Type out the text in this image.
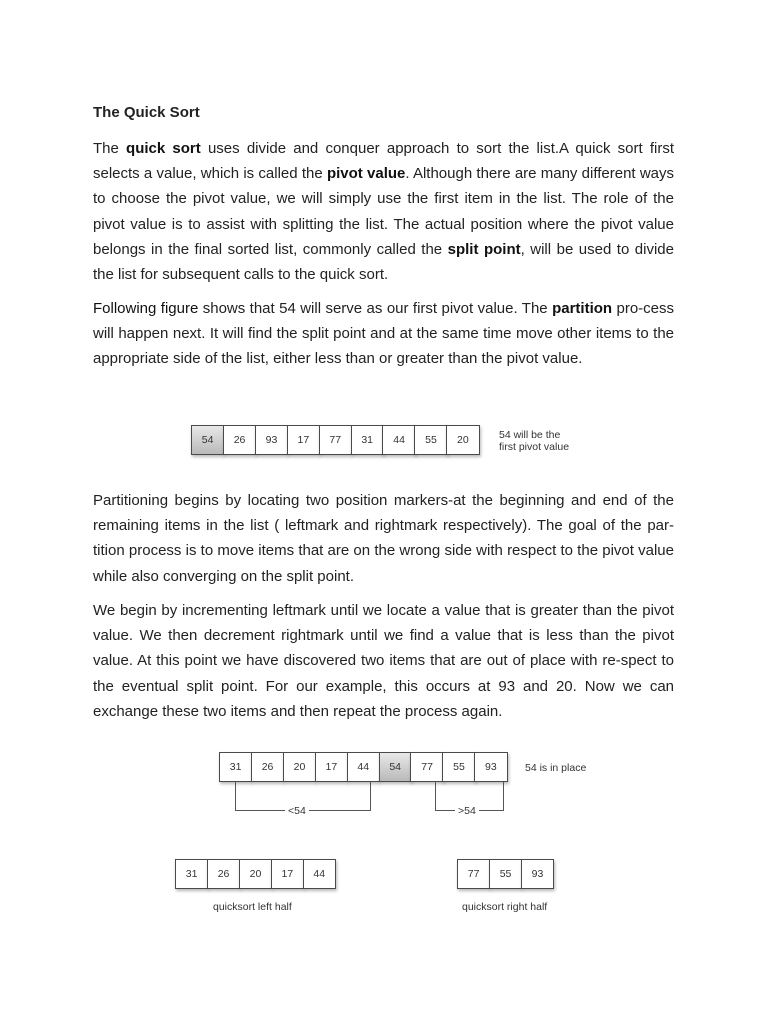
The Quick Sort

The quick sort uses divide and conquer approach to sort the list.A quick sort first selects a value, which is called the pivot value. Although there are many different ways to choose the pivot value, we will simply use the first item in the list. The role of the pivot value is to assist with splitting the list. The actual position where the pivot value belongs in the final sorted list, commonly called the split point, will be used to divide the list for subsequent calls to the quick sort.

Following figure shows that 54 will serve as our first pivot value. The partition pro-cess will happen next. It will find the split point and at the same time move other items to the appropriate side of the list, either less than or greater than the pivot value.

Partitioning begins by locating two position markers-at the beginning and end of the remaining items in the list ( leftmark and rightmark respectively). The goal of the par-tition process is to move items that are on the wrong side with respect to the pivot value while also converging on the split point.

We begin by incrementing leftmark until we locate a value that is greater than the pivot value. We then decrement rightmark until we find a value that is less than the pivot value. At this point we have discovered two items that are out of place with re-spect to the eventual split point. For our example, this occurs at 93 and 20. Now we can exchange these two items and then repeat the process again.

54	26	93	17	77	31	44	55	20	54 will be the
first pivot value
31	26	20	17	44	54	77	55	93	54 is in place
<54	>54
31	26	20	17	44
quicksort left half
77	55	93
quicksort right half
